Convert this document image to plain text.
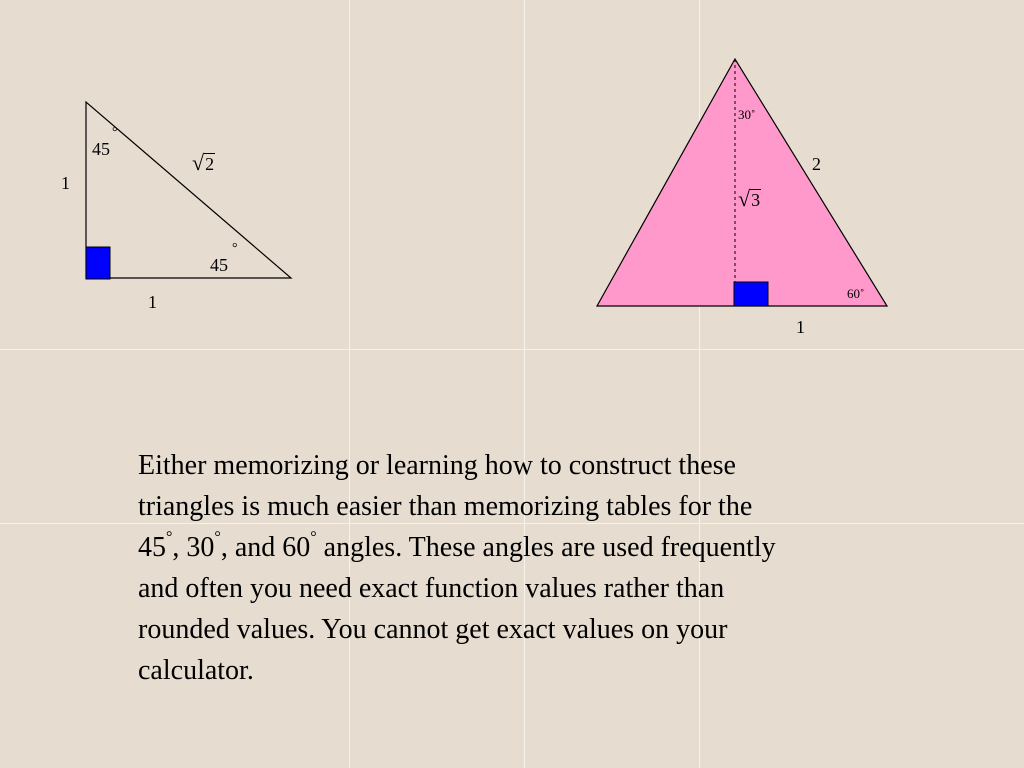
1
1
45
°
45
°
√2
30˚
2
√3
60˚
1
Either memorizing or learning how to construct these
triangles is much easier than memorizing tables for the
45°, 30°, and 60° angles. These angles are used frequently
and often you need exact function values rather than
rounded values. You cannot get exact values on your
calculator.
